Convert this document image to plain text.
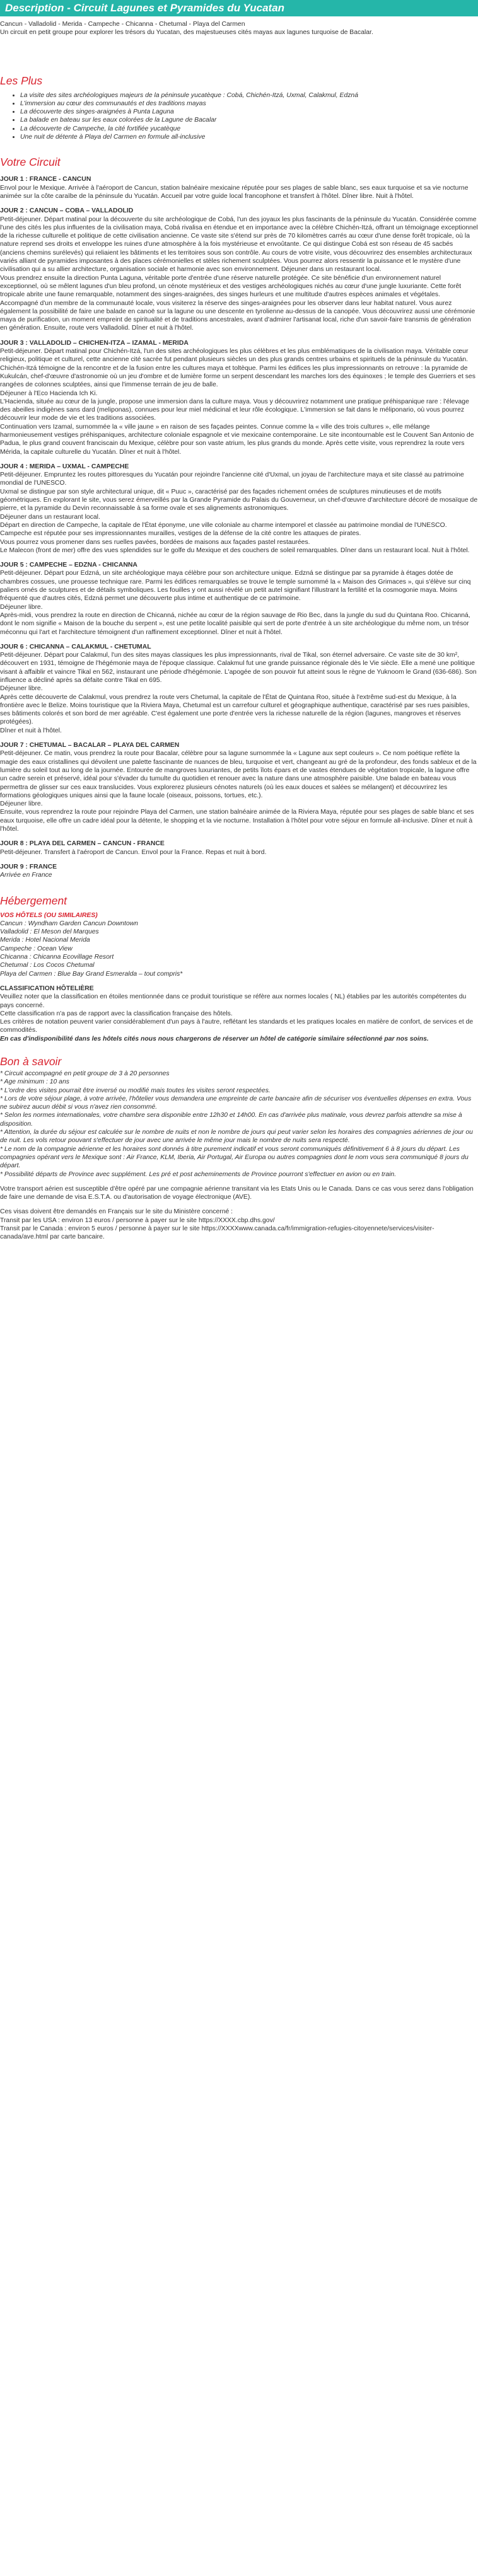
Description - Circuit Lagunes et Pyramides du Yucatan
Cancun - Valladolid - Merida - Campeche - Chicanna - Chetumal - Playa del Carmen
Un circuit en petit groupe pour explorer les trésors du Yucatan, des majestueuses cités mayas aux lagunes turquoise de Bacalar.
Les Plus
• La visite des sites archéologiques majeurs de la péninsule yucatèque : Cobá, Chichén-Itzá, Uxmal, Calakmul, Edzná
• L'immersion au cœur des communautés et des traditions mayas
• La découverte des singes-araignées à Punta Laguna
• La balade en bateau sur les eaux colorées de la Lagune de Bacalar
• La découverte de Campeche, la cité fortifiée yucatèque
• Une nuit de détente à Playa del Carmen en formule all-inclusive
Votre Circuit
JOUR 1 : FRANCE - CANCUN

Envol pour le Mexique. Arrivée à l'aéroport de Cancun, station balnéaire mexicaine réputée pour ses plages de sable blanc, ses eaux turquoise et sa vie nocturne animée sur la côte caraïbe de la péninsule du Yucatán. Accueil par votre guide local francophone et transfert à l'hôtel. Dîner libre. Nuit à l'hôtel.

JOUR 2 : CANCUN – COBA – VALLADOLID

Petit-déjeuner. Départ matinal pour la découverte du site archéologique de Cobá, l'un des joyaux les plus fascinants de la péninsule du Yucatán. Considérée comme l'une des cités les plus influentes de la civilisation maya, Cobá rivalisa en étendue et en importance avec la célèbre Chichén-Itzá, offrant un témoignage exceptionnel de la richesse culturelle et politique de cette civilisation ancienne. Ce vaste site s'étend sur près de 70 kilomètres carrés au cœur d'une dense forêt tropicale, où la nature reprend ses droits et enveloppe les ruines d'une atmosphère à la fois mystérieuse et envoûtante. Ce qui distingue Cobá est son réseau de 45 sacbés (anciens chemins surélevés) qui reliaient les bâtiments et les territoires sous son contrôle. Au cours de votre visite, vous découvrirez des ensembles architecturaux variés alliant de pyramides imposantes à des places cérémonielles et stèles richement sculptées. Vous pourrez alors ressentir la puissance et le mystère d'une civilisation qui a su allier architecture, organisation sociale et harmonie avec son environnement. Déjeuner dans un restaurant local.

Vous prendrez ensuite la direction Punta Laguna, véritable porte d'entrée d'une réserve naturelle protégée. Ce site bénéficie d'un environnement naturel exceptionnel, où se mêlent lagunes d'un bleu profond, un cénote mystérieux et des vestiges archéologiques nichés au cœur d'une jungle luxuriante. Cette forêt tropicale abrite une faune remarquable, notamment des singes-araignées, des singes hurleurs et une multitude d'autres espèces animales et végétales. Accompagné d'un membre de la communauté locale, vous visiterez la réserve des singes-araignées pour les observer dans leur habitat naturel. Vous aurez également la possibilité de faire une balade en canoë sur la lagune ou une descente en tyrolienne au-dessus de la canopée. Vous découvrirez aussi une cérémonie maya de purification, un moment empreint de spiritualité et de traditions ancestrales, avant d'admirer l'artisanat local, riche d'un savoir-faire transmis de génération en génération. Ensuite, route vers Valladolid. Dîner et nuit à l'hôtel.

JOUR 3 : VALLADOLID – CHICHEN-ITZA – IZAMAL - MERIDA

Petit-déjeuner. Départ matinal pour Chichén-Itzá, l'un des sites archéologiques les plus célèbres et les plus emblématiques de la civilisation maya. Véritable cœur religieux, politique et culturel, cette ancienne cité sacrée fut pendant plusieurs siècles un des plus grands centres urbains et spirituels de la péninsule du Yucatán. Chichén-Itzá témoigne de la rencontre et de la fusion entre les cultures maya et toltèque. Parmi les édifices les plus impressionnants on retrouve : la pyramide de Kukulcán, chef-d'œuvre d'astronomie où un jeu d'ombre et de lumière forme un serpent descendant les marches lors des équinoxes ; le temple des Guerriers et ses rangées de colonnes sculptées, ainsi que l'immense terrain de jeu de balle.

Déjeuner à l'Eco Hacienda Ich Ki.

L'Hacienda, située au cœur de la jungle, propose une immersion dans la culture maya. Vous y découvrirez notamment une pratique préhispanique rare : l'élevage des abeilles indigènes sans dard (meliponas), connues pour leur miel médicinal et leur rôle écologique. L'immersion se fait dans le méliponario, où vous pourrez découvrir leur mode de vie et les traditions associées.

Continuation vers Izamal, surnommée la « ville jaune » en raison de ses façades peintes. Connue comme la « ville des trois cultures », elle mélange harmonieusement vestiges préhispaniques, architecture coloniale espagnole et vie mexicaine contemporaine. Le site incontournable est le Couvent San Antonio de Padua, le plus grand couvent franciscain du Mexique, célèbre pour son vaste atrium, les plus grands du monde. Après cette visite, vous reprendrez la route vers Mérida, la capitale culturelle du Yucatán. Dîner et nuit à l'hôtel.

JOUR 4 : MERIDA – UXMAL - CAMPECHE

Petit-déjeuner. Empruntez les routes pittoresques du Yucatán pour rejoindre l'ancienne cité d'Uxmal, un joyau de l'architecture maya et site classé au patrimoine mondial de l'UNESCO.

Uxmal se distingue par son style architectural unique, dit « Puuc », caractérisé par des façades richement ornées de sculptures minutieuses et de motifs géométriques. En explorant le site, vous serez émerveillés par la Grande Pyramide du Palais du Gouverneur, un chef-d'œuvre d'architecture décoré de mosaïque de pierre, et la pyramide du Devin reconnaissable à sa forme ovale et ses alignements astronomiques.

Déjeuner dans un restaurant local.

Départ en direction de Campeche, la capitale de l'État éponyme, une ville coloniale au charme intemporel et classée au patrimoine mondial de l'UNESCO. Campeche est réputée pour ses impressionnantes murailles, vestiges de la défense de la cité contre les attaques de pirates.

Vous pourrez vous promener dans ses ruelles pavées, bordées de maisons aux façades pastel restaurées.

Le Malecon (front de mer) offre des vues splendides sur le golfe du Mexique et des couchers de soleil remarquables. Dîner dans un restaurant local. Nuit à l'hôtel.

JOUR 5 : CAMPECHE – EDZNA - CHICANNA

Petit-déjeuner. Départ pour Edzná, un site archéologique maya célèbre pour son architecture unique. Edzná se distingue par sa pyramide à étages dotée de chambres cossues, une prouesse technique rare. Parmi les édifices remarquables se trouve le temple surnommé la « Maison des Grimaces », qui s'élève sur cinq paliers ornés de sculptures et de détails symboliques. Les fouilles y ont aussi révélé un petit autel signifiant l'illustrant la fertilité et la cosmogonie maya. Moins fréquenté que d'autres cités, Edzná permet une découverte plus intime et authentique de ce patrimoine.

Déjeuner libre.

Après-midi, vous prendrez la route en direction de Chicanná, nichée au cœur de la région sauvage de Rio Bec, dans la jungle du sud du Quintana Roo. Chicanná, dont le nom signifie « Maison de la bouche du serpent », est une petite localité paisible qui sert de porte d'entrée à un site archéologique du même nom, un trésor méconnu qui l'art et l'architecture témoignent d'un raffinement exceptionnel. Dîner et nuit à l'hôtel.

JOUR 6 : CHICANNA – CALAKMUL - CHETUMAL

Petit-déjeuner. Départ pour Calakmul, l'un des sites mayas classiques les plus impressionnants, rival de Tikal, son éternel adversaire. Ce vaste site de 30 km², découvert en 1931, témoigne de l'hégémonie maya de l'époque classique. Calakmul fut une grande puissance régionale dès le Vie siècle. Elle a mené une politique visant à affaiblir et vaincre Tikal en 562, instaurant une période d'hégémonie. L'apogée de son pouvoir fut atteint sous le règne de Yuknoom le Grand (636-686). Son influence a décliné après sa défaite contre Tikal en 695.

Déjeuner libre.

Après cette découverte de Calakmul, vous prendrez la route vers Chetumal, la capitale de l'État de Quintana Roo, située à l'extrême sud-est du Mexique, à la frontière avec le Belize. Moins touristique que la Riviera Maya, Chetumal est un carrefour culturel et géographique authentique, caractérisé par ses rues paisibles, ses bâtiments colorés et son bord de mer agréable. C'est également une porte d'entrée vers la richesse naturelle de la région (lagunes, mangroves et réserves protégées).

Dîner et nuit à l'hôtel.

JOUR 7 : CHETUMAL – BACALAR – PLAYA DEL CARMEN

Petit-déjeuner. Ce matin, vous prendrez la route pour Bacalar, célèbre pour sa lagune surnommée la « Lagune aux sept couleurs ». Ce nom poétique reflète la magie des eaux cristallines qui dévoilent une palette fascinante de nuances de bleu, turquoise et vert, changeant au gré de la profondeur, des fonds sableux et de la lumière du soleil tout au long de la journée. Entourée de mangroves luxuriantes, de petits îlots épars et de vastes étendues de végétation tropicale, la lagune offre un cadre serein et préservé, idéal pour s'évader du tumulte du quotidien et renouer avec la nature dans une atmosphère paisible. Une balade en bateau vous permettra de glisser sur ces eaux translucides. Vous explorerez plusieurs cénotes naturels (où les eaux douces et salées se mélangent) et découvrirez les formations géologiques uniques ainsi que la faune locale (oiseaux, poissons, tortues, etc.).

Déjeuner libre.

Ensuite, vous reprendrez la route pour rejoindre Playa del Carmen, une station balnéaire animée de la Riviera Maya, réputée pour ses plages de sable blanc et ses eaux turquoise, elle offre un cadre idéal pour la détente, le shopping et la vie nocturne. Installation à l'hôtel pour votre séjour en formule all-inclusive. Dîner et nuit à l'hôtel.

JOUR 8 : PLAYA DEL CARMEN – CANCUN - FRANCE

Petit-déjeuner. Transfert à l'aéroport de Cancun. Envol pour la France. Repas et nuit à bord.

JOUR 9 : FRANCE

Arrivée en France

Hébergement
VOS HÔTELS (OU SIMILAIRES)

Cancun : Wyndham Garden Cancun Downtown

Valladolid : El Meson del Marques

Merida : Hotel Nacional Merida

Campeche : Ocean View

Chicanna : Chicanna Ecovillage Resort

Chetumal : Los Cocos Chetumal

Playa del Carmen : Blue Bay Grand Esmeralda – tout compris*

CLASSIFICATION HÔTELIÈRE

Veuillez noter que la classification en étoiles mentionnée dans ce produit touristique se réfère aux normes locales ( NL) établies par les autorités compétentes du pays concerné.

Cette classification n'a pas de rapport avec la classification française des hôtels.

Les critères de notation peuvent varier considérablement d'un pays à l'autre, reflétant les standards et les pratiques locales en matière de confort, de services et de commodités.

En cas d'indisponibilité dans les hôtels cités nous nous chargerons de réserver un hôtel de catégorie similaire sélectionné par nos soins.

Bon à savoir

* Circuit accompagné en petit groupe de 3 à 20 personnes

* Age minimum : 10 ans

* L'ordre des visites pourrait être inversé ou modifié mais toutes les visites seront respectées.

* Lors de votre séjour plage, à votre arrivée, l'hôtelier vous demandera une empreinte de carte bancaire afin de sécuriser vos éventuelles dépenses en extra. Vous ne subirez aucun débit si vous n'avez rien consommé.

* Selon les normes internationales, votre chambre sera disponible entre 12h30 et 14h00. En cas d'arrivée plus matinale, vous devrez parfois attendre sa mise à disposition.

* Attention, la durée du séjour est calculée sur le nombre de nuits et non le nombre de jours qui peut varier selon les horaires des compagnies aériennes de jour ou de nuit. Les vols retour pouvant s'effectuer de jour avec une arrivée le même jour mais le nombre de nuits sera respecté.

* Le nom de la compagnie aérienne et les horaires sont donnés à titre purement indicatif et vous seront communiqués définitivement 6 à 8 jours du départ. Les compagnies opérant vers le Mexique sont : Air France, KLM, Iberia, Air Portugal, Air Europa ou autres compagnies dont le nom vous sera communiqué 8 jours du départ.

* Possibilité départs de Province avec supplément. Les pré et post acheminements de Province pourront s'effectuer en avion ou en train.

Votre transport aérien est susceptible d'être opéré par une compagnie aérienne transitant via les Etats Unis ou le Canada. Dans ce cas vous serez dans l'obligation de faire une demande de visa E.S.T.A. ou d'autorisation de voyage électronique (AVE).

Ces visas doivent être demandés en Français sur le site du Ministère concerné :

Transit par les USA : environ 13 euros / personne à payer sur le site https://XXXX.cbp.dhs.gov/

Transit par le Canada : environ 5 euros / personne à payer sur le site https://XXXXwww.canada.ca/fr/immigration-refugies-citoyennete/services/visiter-canada/ave.html par carte bancaire.
